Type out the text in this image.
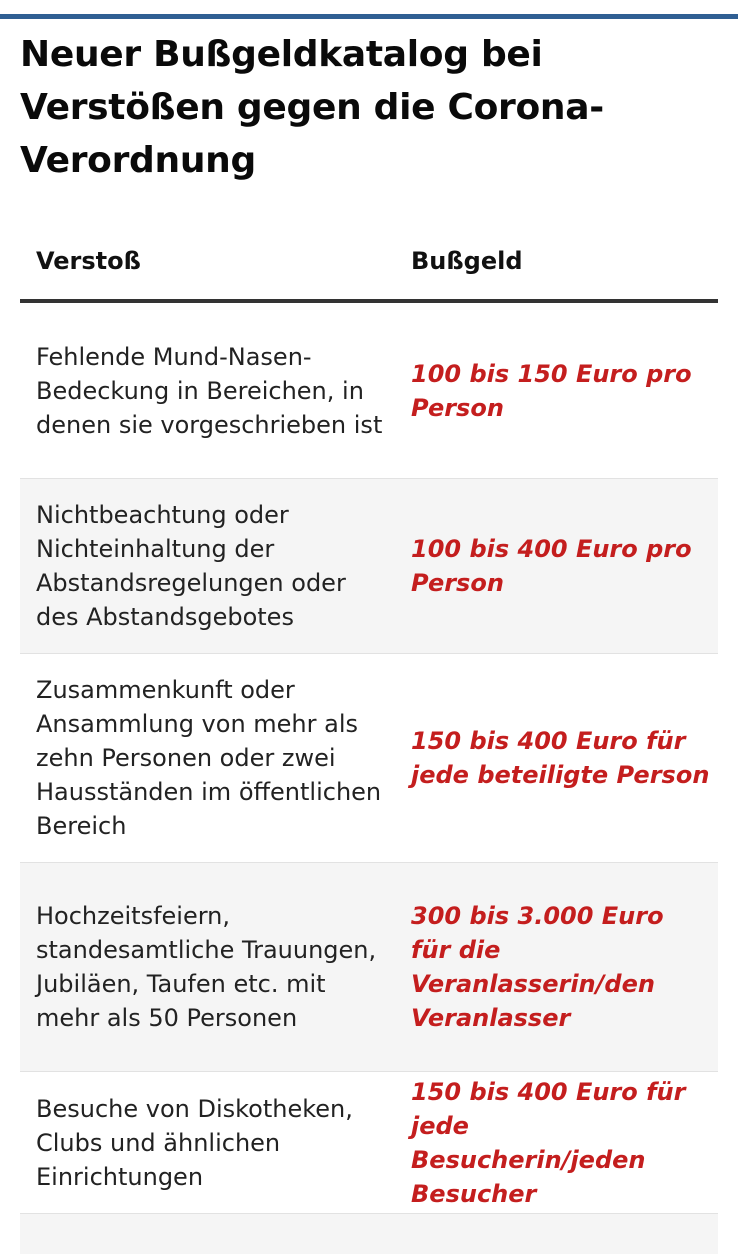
Neuer Bußgeldkatalog bei Verstößen gegen die Corona-Verordnung
Verstoß	Bußgeld
Fehlende Mund-Nasen-Bedeckung in Bereichen, in denen sie vorgeschrieben ist
100 bis 150 Euro pro Person
Nichtbeachtung oder Nichteinhaltung der Abstandsregelungen oder des Abstandsgebotes
100 bis 400 Euro pro Person
Zusammenkunft oder Ansammlung von mehr als zehn Personen oder zwei Hausständen im öffentlichen Bereich
150 bis 400 Euro für jede beteiligte Person
Hochzeitsfeiern, standesamtliche Trauungen, Jubiläen, Taufen etc. mit mehr als 50 Personen
300 bis 3.000 Euro für die Veranlasserin/den Veranlasser
Besuche von Diskotheken, Clubs und ähnlichen Einrichtungen
150 bis 400 Euro für jede Besucherin/jeden Besucher
